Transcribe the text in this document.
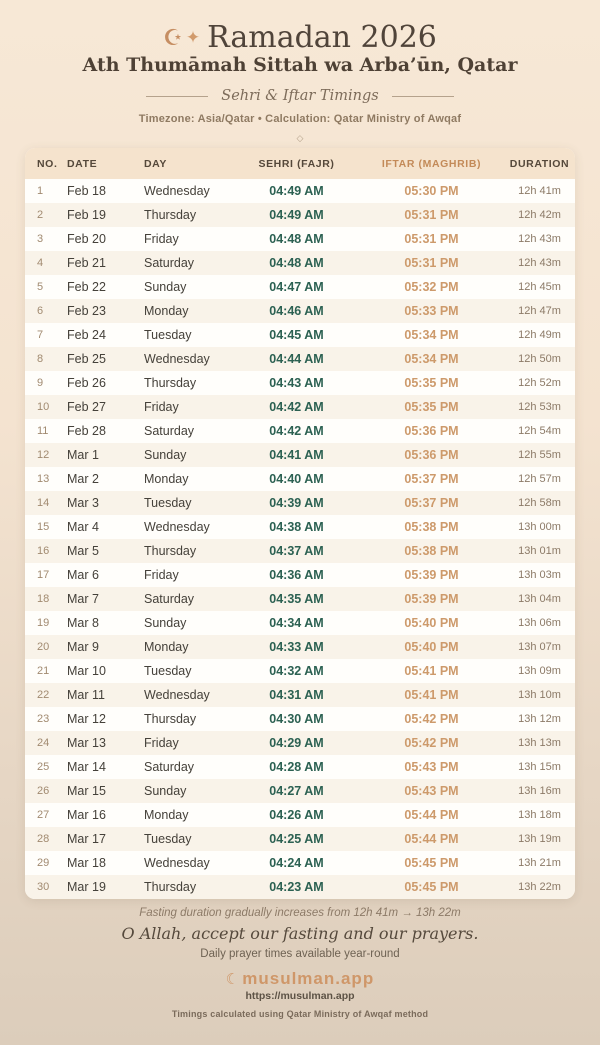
☪ ✦ Ramadan 2026
Ath Thumāmah Sittah wa Arba’ūn, Qatar
Sehri & Iftar Timings
Timezone: Asia/Qatar • Calculation: Qatar Ministry of Awqaf
◇
NO. DATE	DAY	SEHRI (FAJR)	IFTAR (MAGHRIB)	DURATION
1	Feb 18	Wednesday	04:49 AM	05:30 PM	12h 41m
2	Feb 19	Thursday	04:49 AM	05:31 PM	12h 42m
3	Feb 20	Friday	04:48 AM	05:31 PM	12h 43m
4	Feb 21	Saturday	04:48 AM	05:31 PM	12h 43m
5	Feb 22	Sunday	04:47 AM	05:32 PM	12h 45m
6	Feb 23	Monday	04:46 AM	05:33 PM	12h 47m
7	Feb 24	Tuesday	04:45 AM	05:34 PM	12h 49m
8	Feb 25	Wednesday	04:44 AM	05:34 PM	12h 50m
9	Feb 26	Thursday	04:43 AM	05:35 PM	12h 52m
10	Feb 27	Friday	04:42 AM	05:35 PM	12h 53m
11	Feb 28	Saturday	04:42 AM	05:36 PM	12h 54m
12	Mar 1	Sunday	04:41 AM	05:36 PM	12h 55m
13	Mar 2	Monday	04:40 AM	05:37 PM	12h 57m
14	Mar 3	Tuesday	04:39 AM	05:37 PM	12h 58m
15	Mar 4	Wednesday	04:38 AM	05:38 PM	13h 00m
16	Mar 5	Thursday	04:37 AM	05:38 PM	13h 01m
17	Mar 6	Friday	04:36 AM	05:39 PM	13h 03m
18	Mar 7	Saturday	04:35 AM	05:39 PM	13h 04m
19	Mar 8	Sunday	04:34 AM	05:40 PM	13h 06m
20	Mar 9	Monday	04:33 AM	05:40 PM	13h 07m
21	Mar 10	Tuesday	04:32 AM	05:41 PM	13h 09m
22	Mar 11	Wednesday	04:31 AM	05:41 PM	13h 10m
23	Mar 12	Thursday	04:30 AM	05:42 PM	13h 12m
24	Mar 13	Friday	04:29 AM	05:42 PM	13h 13m
25	Mar 14	Saturday	04:28 AM	05:43 PM	13h 15m
26	Mar 15	Sunday	04:27 AM	05:43 PM	13h 16m
27	Mar 16	Monday	04:26 AM	05:44 PM	13h 18m
28	Mar 17	Tuesday	04:25 AM	05:44 PM	13h 19m
29	Mar 18	Wednesday	04:24 AM	05:45 PM	13h 21m
30	Mar 19	Thursday	04:23 AM	05:45 PM	13h 22m
Fasting duration gradually increases from 12h 41m → 13h 22m
O Allah, accept our fasting and our prayers.
Daily prayer times available year-round
☾ musulman.app
https://musulman.app
Timings calculated using Qatar Ministry of Awqaf method
